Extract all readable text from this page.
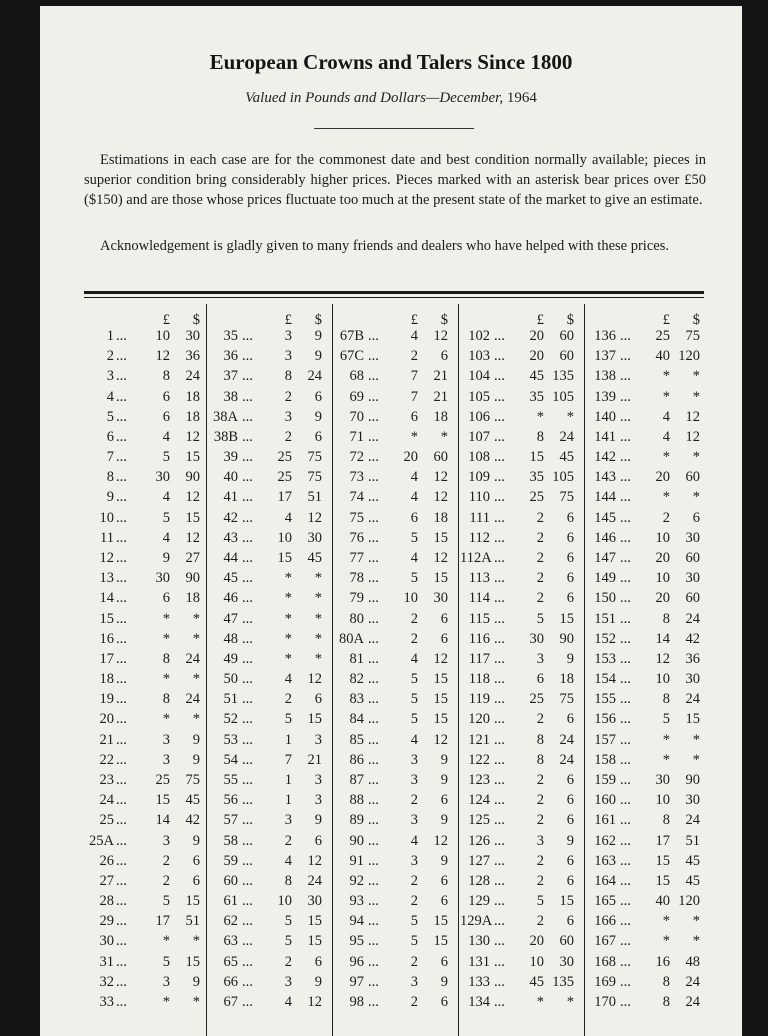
European Crowns and Talers Since 1800
Valued in Pounds and Dollars—December, 1964

Estimations in each case are for the commonest date and best condition normally available; pieces in superior condition bring considerably higher prices. Pieces marked with an asterisk bear prices over £50 ($150) and are those whose prices fluctuate too much at the present state of the market to give an estimate.

Acknowledgement is gladly given to many friends and dealers who have helped with these prices.

£	$
1 ...	10	30
2 ...	12	36
3 ...	8	24
4 ...	6	18
5 ...	6	18
6 ...	4	12
7 ...	5	15
8 ...	30	90
9 ...	4	12
10 ...	5	15
11 ...	4	12
12 ...	9	27
13 ...	30	90
14 ...	6	18
15 ...	*	*
16 ...	*	*
17 ...	8	24
18 ...	*	*
19 ...	8	24
20 ...	*	*
21 ...	3	9
22 ...	3	9
23 ...	25	75
24 ...	15	45
25 ...	14	42
25A ...	3	9
26 ...	2	6
27 ...	2	6
28 ...	5	15
29 ...	17	51
30 ...	*	*
31 ...	5	15
32 ...	3	9
33 ...	*	*
£	$
35 ...	3	9
36 ...	3	9
37 ...	8	24
38 ...	2	6
38A ...	3	9
38B ...	2	6
39 ...	25	75
40 ...	25	75
41 ...	17	51
42 ...	4	12
43 ...	10	30
44 ...	15	45
45 ...	*	*
46 ...	*	*
47 ...	*	*
48 ...	*	*
49 ...	*	*
50 ...	4	12
51 ...	2	6
52 ...	5	15
53 ...	1	3
54 ...	7	21
55 ...	1	3
56 ...	1	3
57 ...	3	9
58 ...	2	6
59 ...	4	12
60 ...	8	24
61 ...	10	30
62 ...	5	15
63 ...	5	15
65 ...	2	6
66 ...	3	9
67 ...	4	12
£	$
67B ...	4	12
67C ...	2	6
68 ...	7	21
69 ...	7	21
70 ...	6	18
71 ...	*	*
72 ...	20	60
73 ...	4	12
74 ...	4	12
75 ...	6	18
76 ...	5	15
77 ...	4	12
78 ...	5	15
79 ...	10	30
80 ...	2	6
80A ...	2	6
81 ...	4	12
82 ...	5	15
83 ...	5	15
84 ...	5	15
85 ...	4	12
86 ...	3	9
87 ...	3	9
88 ...	2	6
89 ...	3	9
90 ...	4	12
91 ...	3	9
92 ...	2	6
93 ...	2	6
94 ...	5	15
95 ...	5	15
96 ...	2	6
97 ...	3	9
98 ...	2	6
£	$
102 ...	20	60
103 ...	20	60
104 ...	45 135
105 ...	35 105
106 ...	*	*
107 ...	8	24
108 ...	15	45
109 ...	35 105
110 ...	25	75
111 ...	2	6
112 ...	2	6
112A ...	2	6
113 ...	2	6
114 ...	2	6
115 ...	5	15
116 ...	30	90
117 ...	3	9
118 ...	6	18
119 ...	25	75
120 ...	2	6
121 ...	8	24
122 ...	8	24
123 ...	2	6
124 ...	2	6
125 ...	2	6
126 ...	3	9
127 ...	2	6
128 ...	2	6
129 ...	5	15
129A ...	2	6
130 ...	20	60
131 ...	10	30
133 ...	45 135
134 ...	*	*
£	$
136 ...	25	75
137 ...	40 120
138 ...	*	*
139 ...	*	*
140 ...	4	12
141 ...	4	12
142 ...	*	*
143 ...	20	60
144 ...	*	*
145 ...	2	6
146 ...	10	30
147 ...	20	60
149 ...	10	30
150 ...	20	60
151 ...	8	24
152 ...	14	42
153 ...	12	36
154 ...	10	30
155 ...	8	24
156 ...	5	15
157 ...	*	*
158 ...	*	*
159 ...	30	90
160 ...	10	30
161 ...	8	24
162 ...	17	51
163 ...	15	45
164 ...	15	45
165 ...	40 120
166 ...	*	*
167 ...	*	*
168 ...	16	48
169 ...	8	24
170 ...	8	24
